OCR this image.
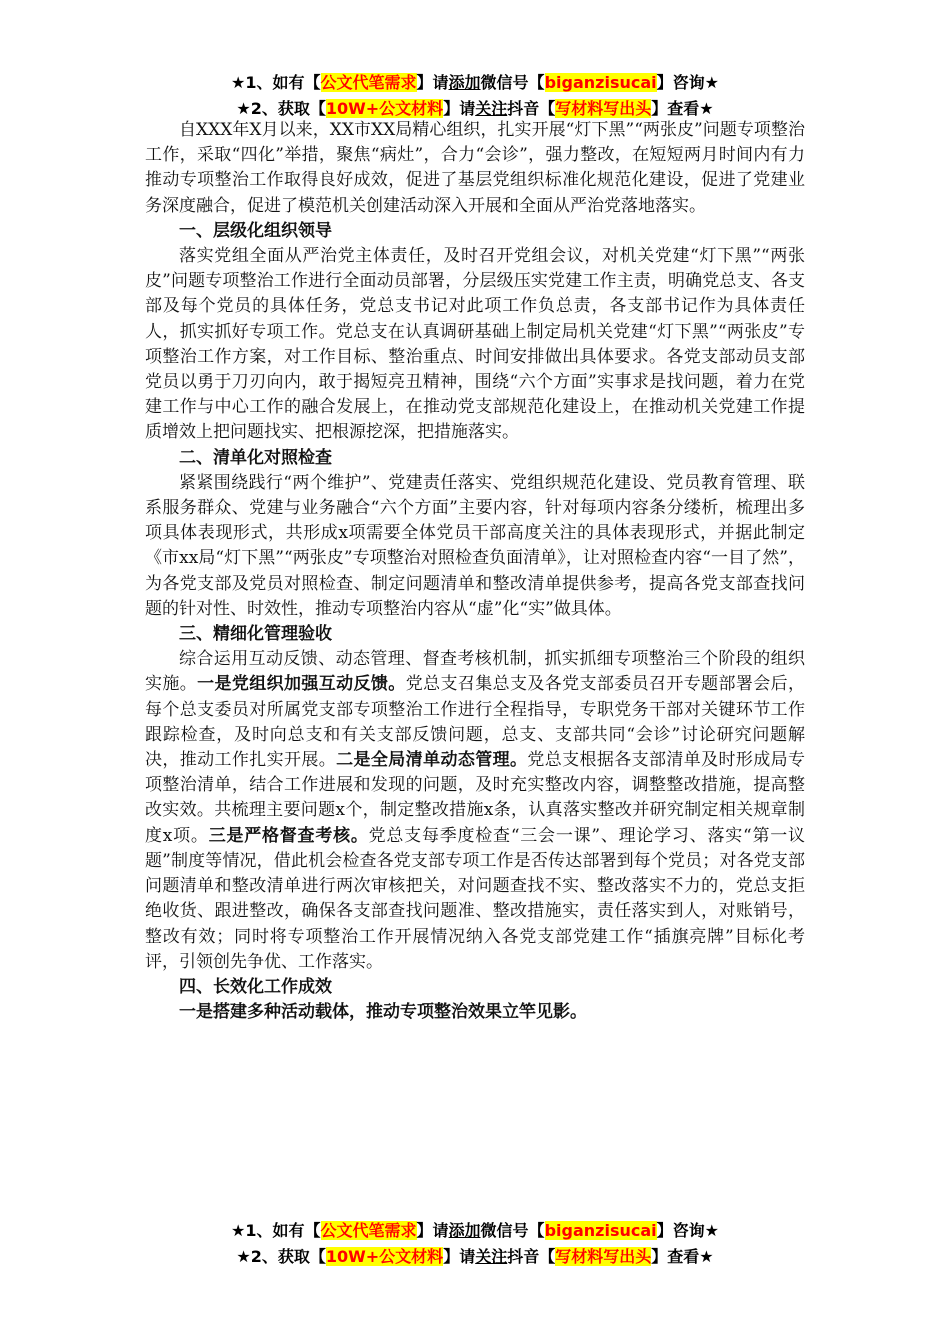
★1、如有【公文代笔需求】请添加微信号【biganzisucai】咨询★
★2、获取【10W+公文材料】请关注抖音【写材料写出头】查看★

自XXX年X月以来，XX市XX局精心组织，扎实开展“灯下黑”“两张皮”问题专项整治工作，采取“四化”举措，聚焦“病灶”，合力“会诊”，强力整改，在短短两月时间内有力推动专项整治工作取得良好成效，促进了基层党组织标准化规范化建设，促进了党建业务深度融合，促进了模范机关创建活动深入开展和全面从严治党落地落实。

一、层级化组织领导

落实党组全面从严治党主体责任，及时召开党组会议，对机关党建“灯下黑”“两张皮”问题专项整治工作进行全面动员部署，分层级压实党建工作主责，明确党总支、各支部及每个党员的具体任务，党总支书记对此项工作负总责，各支部书记作为具体责任人，抓实抓好专项工作。党总支在认真调研基础上制定局机关党建“灯下黑”“两张皮”专项整治工作方案，对工作目标、整治重点、时间安排做出具体要求。各党支部动员支部党员以勇于刀刃向内，敢于揭短亮丑精神，围绕“六个方面”实事求是找问题，着力在党建工作与中心工作的融合发展上，在推动党支部规范化建设上，在推动机关党建工作提质增效上把问题找实、把根源挖深，把措施落实。

二、清单化对照检查

紧紧围绕践行“两个维护”、党建责任落实、党组织规范化建设、党员教育管理、联系服务群众、党建与业务融合“六个方面”主要内容，针对每项内容条分缕析，梳理出多项具体表现形式，共形成x项需要全体党员干部高度关注的具体表现形式，并据此制定《市xx局“灯下黑”“两张皮”专项整治对照检查负面清单》，让对照检查内容“一目了然”，为各党支部及党员对照检查、制定问题清单和整改清单提供参考，提高各党支部查找问题的针对性、时效性，推动专项整治内容从“虚”化“实”做具体。

三、精细化管理验收

综合运用互动反馈、动态管理、督查考核机制，抓实抓细专项整治三个阶段的组织实施。一是党组织加强互动反馈。党总支召集总支及各党支部委员召开专题部署会后，每个总支委员对所属党支部专项整治工作进行全程指导，专职党务干部对关键环节工作跟踪检查，及时向总支和有关支部反馈问题，总支、支部共同“会诊”讨论研究问题解决，推动工作扎实开展。二是全局清单动态管理。党总支根据各支部清单及时形成局专项整治清单，结合工作进展和发现的问题，及时充实整改内容，调整整改措施，提高整改实效。共梳理主要问题x个，制定整改措施x条，认真落实整改并研究制定相关规章制度x项。三是严格督查考核。党总支每季度检查“三会一课”、理论学习、落实“第一议题”制度等情况，借此机会检查各党支部专项工作是否传达部署到每个党员；对各党支部问题清单和整改清单进行两次审核把关，对问题查找不实、整改落实不力的，党总支拒绝收货、跟进整改，确保各支部查找问题准、整改措施实，责任落实到人，对账销号，整改有效；同时将专项整治工作开展情况纳入各党支部党建工作“插旗亮牌”目标化考评，引领创先争优、工作落实。

四、长效化工作成效

一是搭建多种活动载体，推动专项整治效果立竿见影。

★1、如有【公文代笔需求】请添加微信号【biganzisucai】咨询★
★2、获取【10W+公文材料】请关注抖音【写材料写出头】查看★
